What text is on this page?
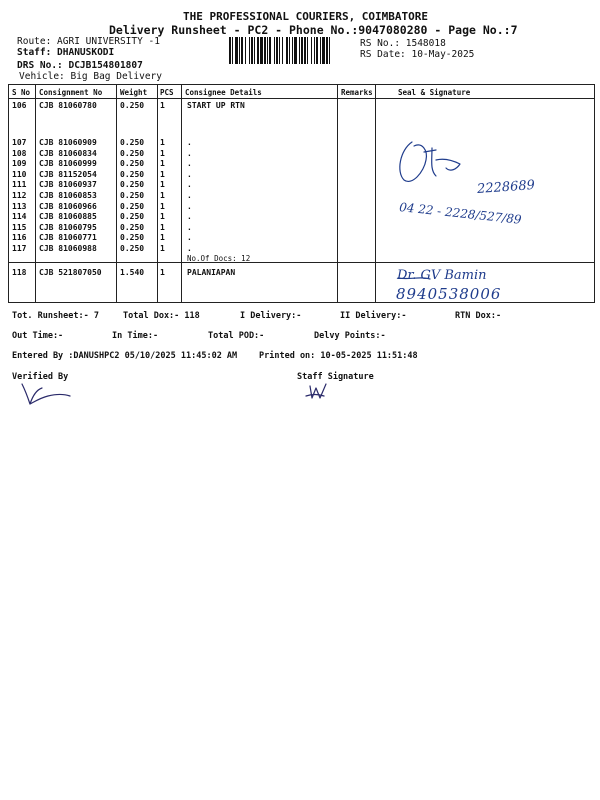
THE PROFESSIONAL COURIERS, COIMBATORE
Delivery Runsheet - PC2 - Phone No.:9047080280 - Page No.:7
Route: AGRI UNIVERSITY -1
Staff: DHANUSKODI
DRS No.: DCJB154801807
Vehicle: Big Bag Delivery
RS No.: 1548018
RS Date: 10-May-2025
S No Consignment No Weight PCS Consignee Details	Remarks	Seal & Signature
106 CJB 81060780	0.250 1	START UP RTN
107 CJB 81060909	0.250 1	.
108 CJB 81060834	0.250 1	.
109 CJB 81060999	0.250 1	.
110 CJB 81152054	0.250 1	.
111 CJB 81060937	0.250 1	.
112 CJB 81060853	0.250 1	.
113 CJB 81060966	0.250 1	.
114 CJB 81060885	0.250 1	.
115 CJB 81060795	0.250 1	.
116 CJB 81060771	0.250 1	.
117 CJB 81060988	0.250 1	.
No.Of Docs: 12
118 CJB 521807050 1.540 1	PALANIAPAN
2228689
04 22 - 2228/527/89
Dr. GV Bamin
8940538006
Tot. Runsheet:- 7	Total Dox:- 118	I Delivery:-	II Delivery:-	RTN Dox:-
Out Time:-	In Time:-	Total POD:-	Delvy Points:-
Entered By :DANUSHPC2 05/10/2025 11:45:02 AM	Printed on: 10-05-2025 11:51:48
Verified By	Staff Signature
